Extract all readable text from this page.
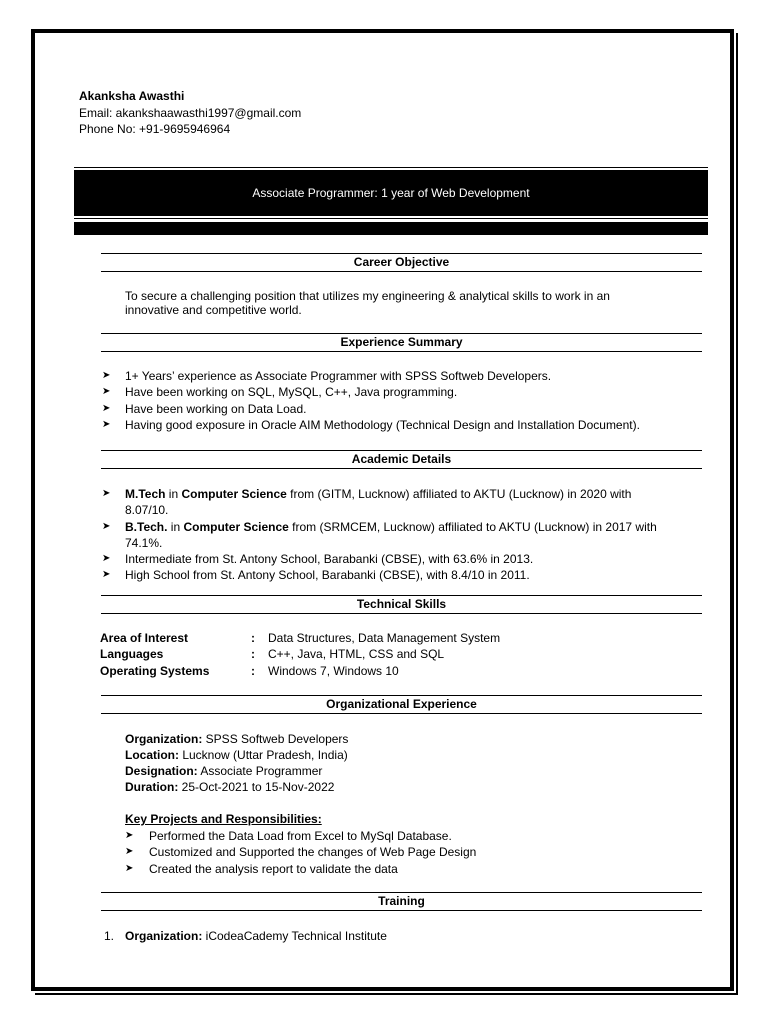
Akanksha Awasthi
Email: akankshaawasthi1997@gmail.com
Phone No: +91-9695946964
Associate Programmer: 1 year of Web Development
Career Objective
To secure a challenging position that utilizes my engineering & analytical skills to work in an
innovative and competitive world.
Experience Summary
➤ 1+ Years’ experience as Associate Programmer with SPSS Softweb Developers.
➤ Have been working on SQL, MySQL, C++, Java programming.
➤ Have been working on Data Load.
➤ Having good exposure in Oracle AIM Methodology (Technical Design and Installation Document).
Academic Details
➤ M.Tech in Computer Science from (GITM, Lucknow) affiliated to AKTU (Lucknow) in 2020 with
8.07/10.
➤ B.Tech. in Computer Science from (SRMCEM, Lucknow) affiliated to AKTU (Lucknow) in 2017 with
74.1%.
➤ Intermediate from St. Antony School, Barabanki (CBSE), with 63.6% in 2013.
➤ High School from St. Antony School, Barabanki (CBSE), with 8.4/10 in 2011.
Technical Skills
Area of Interest	:	Data Structures, Data Management System
Languages	:	C++, Java, HTML, CSS and SQL
Operating Systems	:	Windows 7, Windows 10
Organizational Experience
Organization: SPSS Softweb Developers
Location: Lucknow (Uttar Pradesh, India)
Designation: Associate Programmer
Duration: 25-Oct-2021 to 15-Nov-2022
Key Projects and Responsibilities:
➤ Performed the Data Load from Excel to MySql Database.
➤ Customized and Supported the changes of Web Page Design
➤ Created the analysis report to validate the data
Training
1. Organization: iCodeaCademy Technical Institute
